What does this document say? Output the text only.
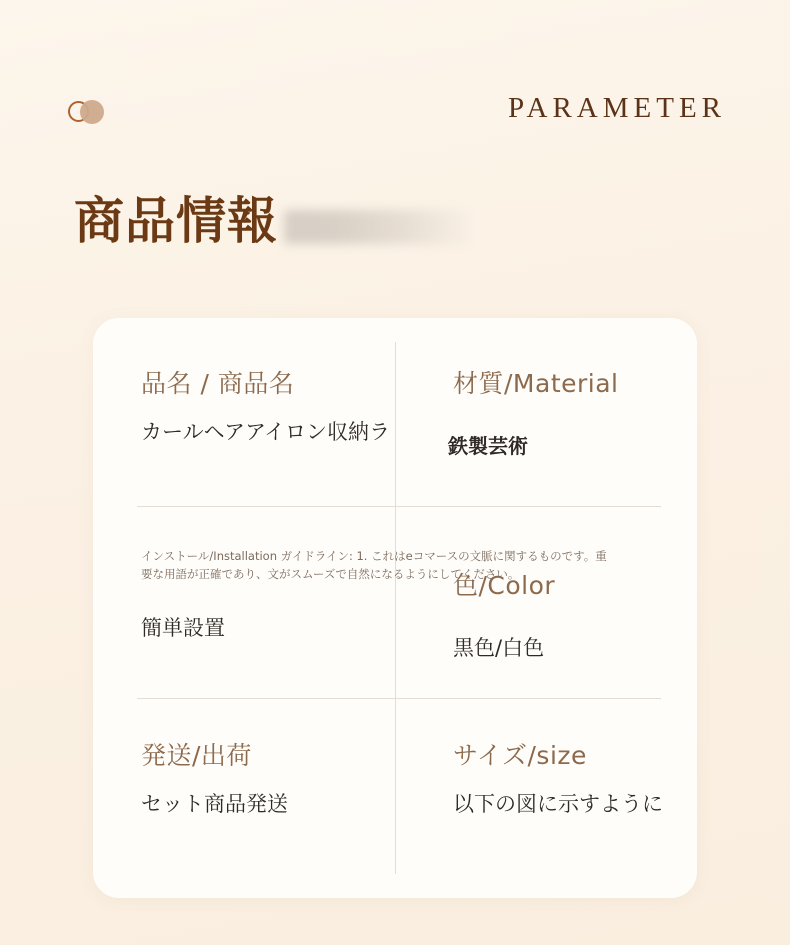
PARAMETER
商品情報
品名 / 商品名
カールヘアアイロン収納ラ
材質/Material
鉄製芸術
インストール/Installation ガイドライン: 1. これはeコマースの文脈に関するものです。重要な用語が正確であり、文がスムーズで自然になるようにしてください。
簡単設置
色/Color
黒色/白色
発送/出荷
セット商品発送
サイズ/size
以下の図に示すように
